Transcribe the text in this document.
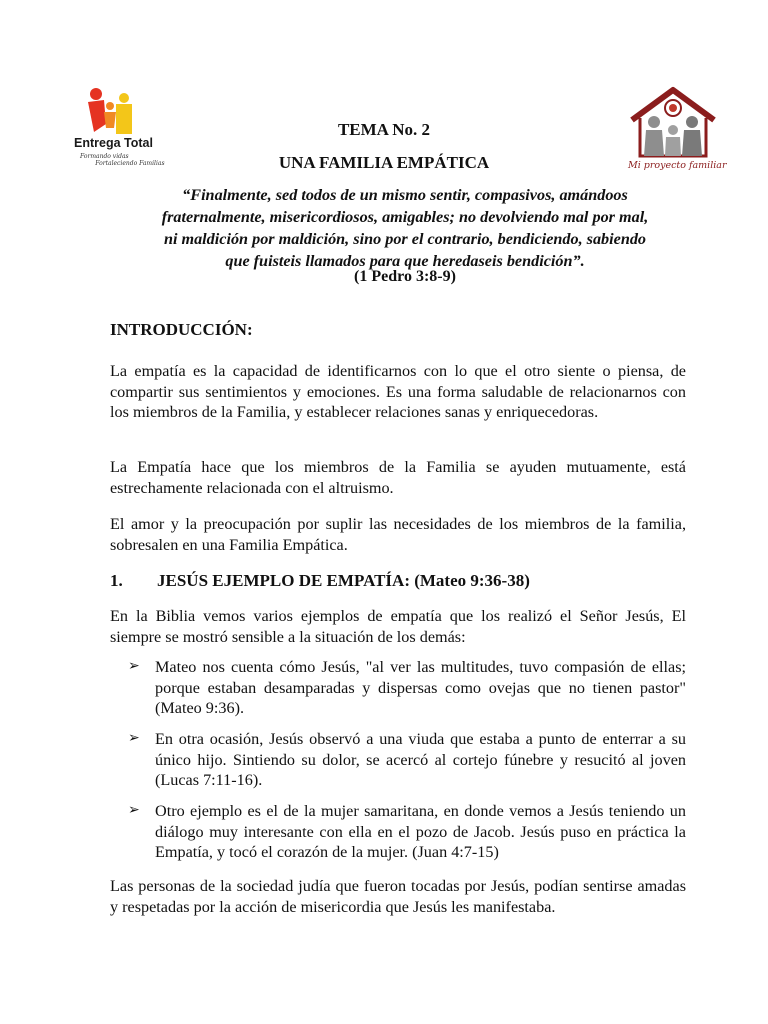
Entrega Total
Formando vidas
Fortaleciendo Familias	Mi proyecto familiar
TEMA No. 2
UNA FAMILIA EMPÁTICA
“Finalmente, sed todos de un mismo sentir, compasivos, amándoos
fraternalmente, misericordiosos, amigables; no devolviendo mal por mal,
ni maldición por maldición, sino por el contrario, bendiciendo, sabiendo
que fuisteis llamados para que heredaseis bendición”.
(1 Pedro 3:8-9)
INTRODUCCIÓN:
La empatía es la capacidad de identificarnos con lo que el otro siente o piensa, de compartir sus sentimientos y emociones. Es una forma saludable de relacionarnos con los miembros de la Familia, y establecer relaciones sanas y enriquecedoras.
La Empatía hace que los miembros de la Familia se ayuden mutuamente, está estrechamente relacionada con el altruismo.
El amor y la preocupación por suplir las necesidades de los miembros de la familia, sobresalen en una Familia Empática.
1. JESÚS EJEMPLO DE EMPATÍA: (Mateo 9:36-38)
En la Biblia vemos varios ejemplos de empatía que los realizó el Señor Jesús, El siempre se mostró sensible a la situación de los demás:
➢ Mateo nos cuenta cómo Jesús, "al ver las multitudes, tuvo compasión de ellas; porque estaban desamparadas y dispersas como ovejas que no tienen pastor" (Mateo 9:36).
➢ En otra ocasión, Jesús observó a una viuda que estaba a punto de enterrar a su único hijo. Sintiendo su dolor, se acercó al cortejo fúnebre y resucitó al joven (Lucas 7:11-16).
➢ Otro ejemplo es el de la mujer samaritana, en donde vemos a Jesús teniendo un diálogo muy interesante con ella en el pozo de Jacob. Jesús puso en práctica la Empatía, y tocó el corazón de la mujer. (Juan 4:7-15)
Las personas de la sociedad judía que fueron tocadas por Jesús, podían sentirse amadas y respetadas por la acción de misericordia que Jesús les manifestaba.
